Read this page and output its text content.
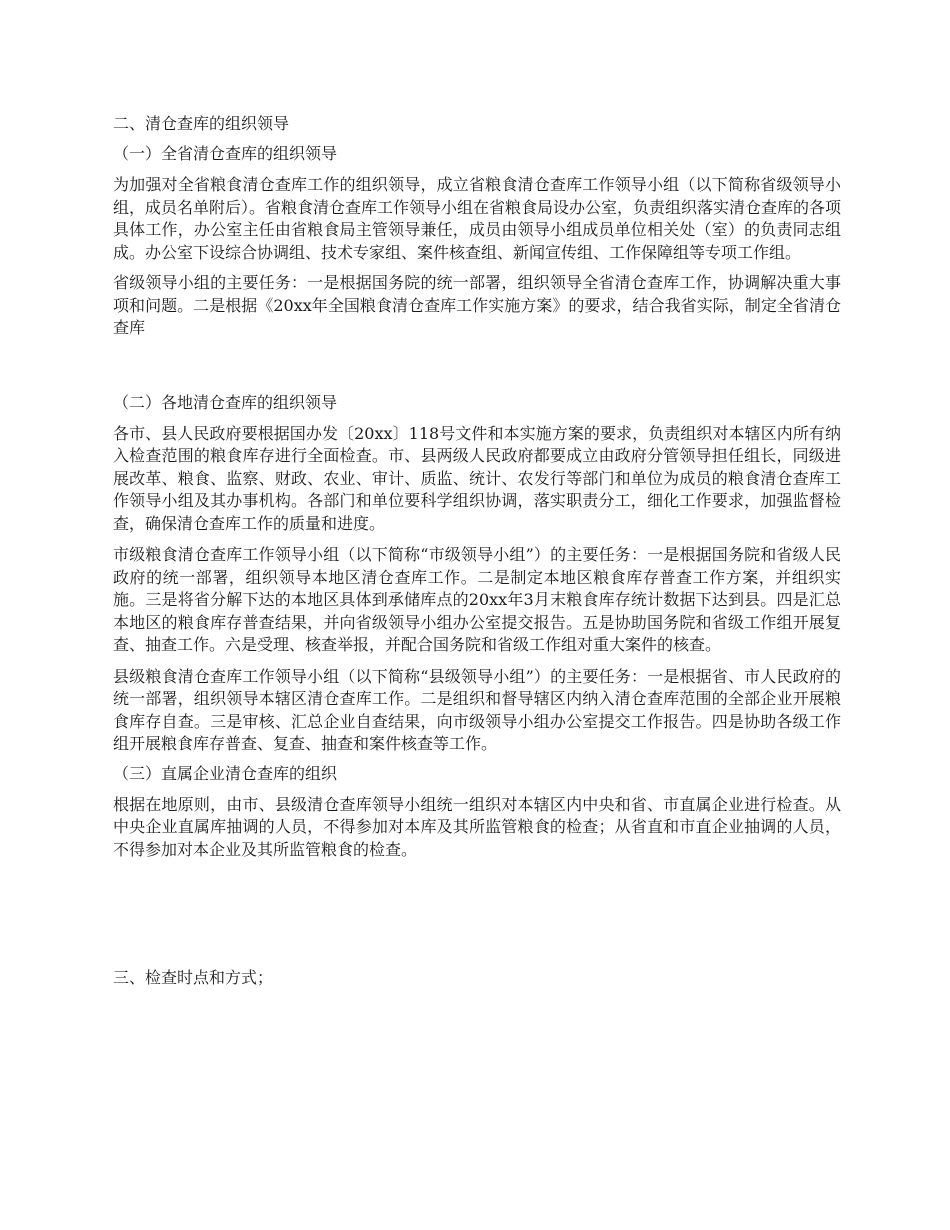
二、清仓查库的组织领导
（一）全省清仓查库的组织领导

为加强对全省粮食清仓查库工作的组织领导，成立省粮食清仓查库工作领导小组（以下简称省级领导小组，成员名单附后）。省粮食清仓查库工作领导小组在省粮食局设办公室，负责组织落实清仓查库的各项具体工作，办公室主任由省粮食局主管领导兼任，成员由领导小组成员单位相关处（室）的负责同志组成。办公室下设综合协调组、技术专家组、案件核查组、新闻宣传组、工作保障组等专项工作组。

省级领导小组的主要任务：一是根据国务院的统一部署，组织领导全省清仓查库工作，协调解决重大事项和问题。二是根据《20xx年全国粮食清仓查库工作实施方案》的要求，结合我省实际，制定全省清仓查库

（二）各地清仓查库的组织领导

各市、县人民政府要根据国办发〔20xx〕118号文件和本实施方案的要求，负责组织对本辖区内所有纳入检查范围的粮食库存进行全面检查。市、县两级人民政府都要成立由政府分管领导担任组长，同级进展改革、粮食、监察、财政、农业、审计、质监、统计、农发行等部门和单位为成员的粮食清仓查库工作领导小组及其办事机构。各部门和单位要科学组织协调，落实职责分工，细化工作要求，加强监督检查，确保清仓查库工作的质量和进度。

市级粮食清仓查库工作领导小组（以下简称“市级领导小组”）的主要任务：一是根据国务院和省级人民政府的统一部署，组织领导本地区清仓查库工作。二是制定本地区粮食库存普查工作方案，并组织实施。三是将省分解下达的本地区具体到承储库点的20xx年3月末粮食库存统计数据下达到县。四是汇总本地区的粮食库存普查结果，并向省级领导小组办公室提交报告。五是协助国务院和省级工作组开展复查、抽查工作。六是受理、核查举报，并配合国务院和省级工作组对重大案件的核查。

县级粮食清仓查库工作领导小组（以下简称“县级领导小组”）的主要任务：一是根据省、市人民政府的统一部署，组织领导本辖区清仓查库工作。二是组织和督导辖区内纳入清仓查库范围的全部企业开展粮食库存自查。三是审核、汇总企业自查结果，向市级领导小组办公室提交工作报告。四是协助各级工作组开展粮食库存普查、复查、抽查和案件核查等工作。

（三）直属企业清仓查库的组织

根据在地原则，由市、县级清仓查库领导小组统一组织对本辖区内中央和省、市直属企业进行检查。从中央企业直属库抽调的人员，不得参加对本库及其所监管粮食的检查；从省直和市直企业抽调的人员，不得参加对本企业及其所监管粮食的检查。

三、检查时点和方式；
